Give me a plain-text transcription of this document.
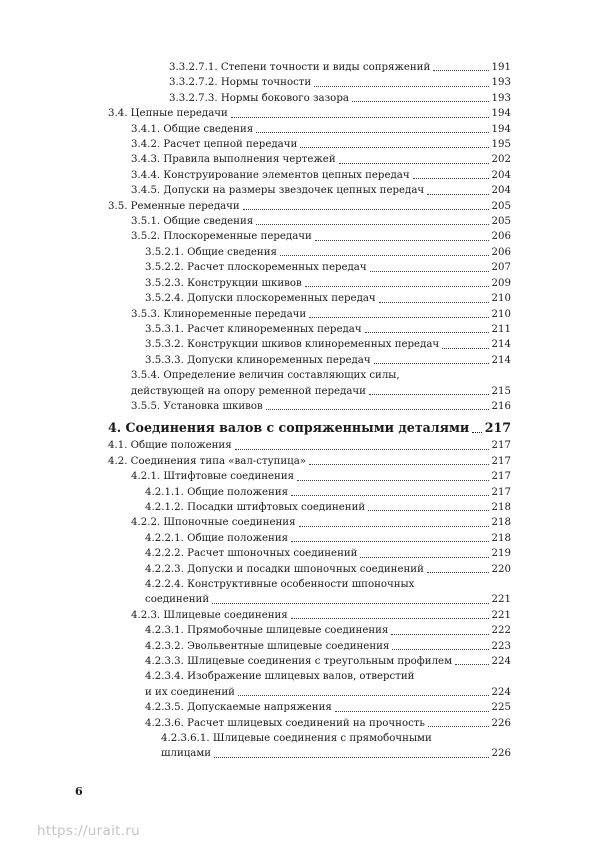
3.3.2.7.1. Степени точности и виды сопряжений	191
3.3.2.7.2. Нормы точности	193
3.3.2.7.3. Нормы бокового зазора	193
3.4. Цепные передачи	194
3.4.1. Общие сведения	194
3.4.2. Расчет цепной передачи	195
3.4.3. Правила выполнения чертежей	202
3.4.4. Конструирование элементов цепных передач	204
3.4.5. Допуски на размеры звездочек цепных передач	204
3.5. Ременные передачи	205
3.5.1. Общие сведения	205
3.5.2. Плоскоременные передачи	206
3.5.2.1. Общие сведения	206
3.5.2.2. Расчет плоскоременных передач	207
3.5.2.3. Конструкции шкивов	209
3.5.2.4. Допуски плоскоременных передач	210
3.5.3. Клиноременные передачи	210
3.5.3.1. Расчет клиноременных передач	211
3.5.3.2. Конструкции шкивов клиноременных передач	214
3.5.3.3. Допуски клиноременных передач	214
3.5.4. Определение величин составляющих силы,
действующей на опору ременной передачи	215
3.5.5. Установка шкивов	216
4. Соединения валов с сопряженными деталями 217
4.1. Общие положения	217
4.2. Соединения типа «вал-ступица»	217
4.2.1. Штифтовые соединения	217
4.2.1.1. Общие положения	217
4.2.1.2. Посадки штифтовых соединений	218
4.2.2. Шпоночные соединения	218
4.2.2.1. Общие положения	218
4.2.2.2. Расчет шпоночных соединений	219
4.2.2.3. Допуски и посадки шпоночных соединений	220
4.2.2.4. Конструктивные особенности шпоночных
соединений	221
4.2.3. Шлицевые соединения	221
4.2.3.1. Прямобочные шлицевые соединения	222
4.2.3.2. Эвольвентные шлицевые соединения	223
4.2.3.3. Шлицевые соединения с треугольным профилем	224
4.2.3.4. Изображение шлицевых валов, отверстий
и их соединений	224
4.2.3.5. Допускаемые напряжения	225
4.2.3.6. Расчет шлицевых соединений на прочность	226
4.2.3.6.1. Шлицевые соединения с прямобочными
шлицами	226
6
https://urait.ru
